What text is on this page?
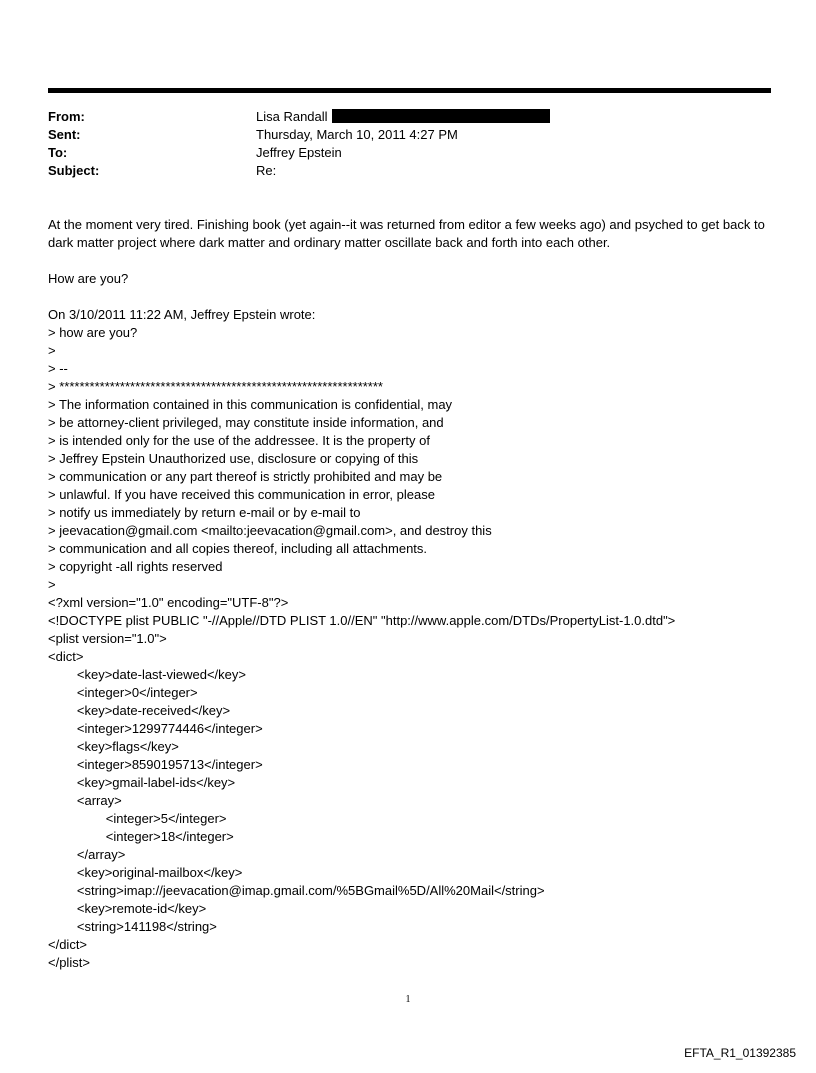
From:	Lisa Randall
Sent:	Thursday, March 10, 2011 4:27 PM
To:	Jeffrey Epstein
Subject:	Re:

At the moment very tired. Finishing book (yet again--it was returned from editor a few weeks ago) and psyched to get back to dark matter project where dark matter and ordinary matter oscillate back and forth into each other.

How are you?

On 3/10/2011 11:22 AM, Jeffrey Epstein wrote:
> how are you?
>
> --
> ****************************************************************
> The information contained in this communication is confidential, may
> be attorney-client privileged, may constitute inside information, and
> is intended only for the use of the addressee. It is the property of
> Jeffrey Epstein Unauthorized use, disclosure or copying of this
> communication or any part thereof is strictly prohibited and may be
> unlawful. If you have received this communication in error, please
> notify us immediately by return e-mail or by e-mail to
> jeevacation@gmail.com <mailto:jeevacation@gmail.com>, and destroy this
> communication and all copies thereof, including all attachments.
> copyright -all rights reserved
>
<?xml version="1.0" encoding="UTF-8"?>
<!DOCTYPE plist PUBLIC "-//Apple//DTD PLIST 1.0//EN" "http://www.apple.com/DTDs/PropertyList-1.0.dtd">
<plist version="1.0">
<dict>
<key>date-last-viewed</key>
<integer>0</integer>
<key>date-received</key>
<integer>1299774446</integer>
<key>flags</key>
<integer>8590195713</integer>
<key>gmail-label-ids</key>
<array>
<integer>5</integer>
<integer>18</integer>
</array>
<key>original-mailbox</key>
<string>imap://jeevacation@imap.gmail.com/%5BGmail%5D/All%20Mail</string>
<key>remote-id</key>
<string>141198</string>
</dict>
</plist>
1
EFTA_R1_01392385
